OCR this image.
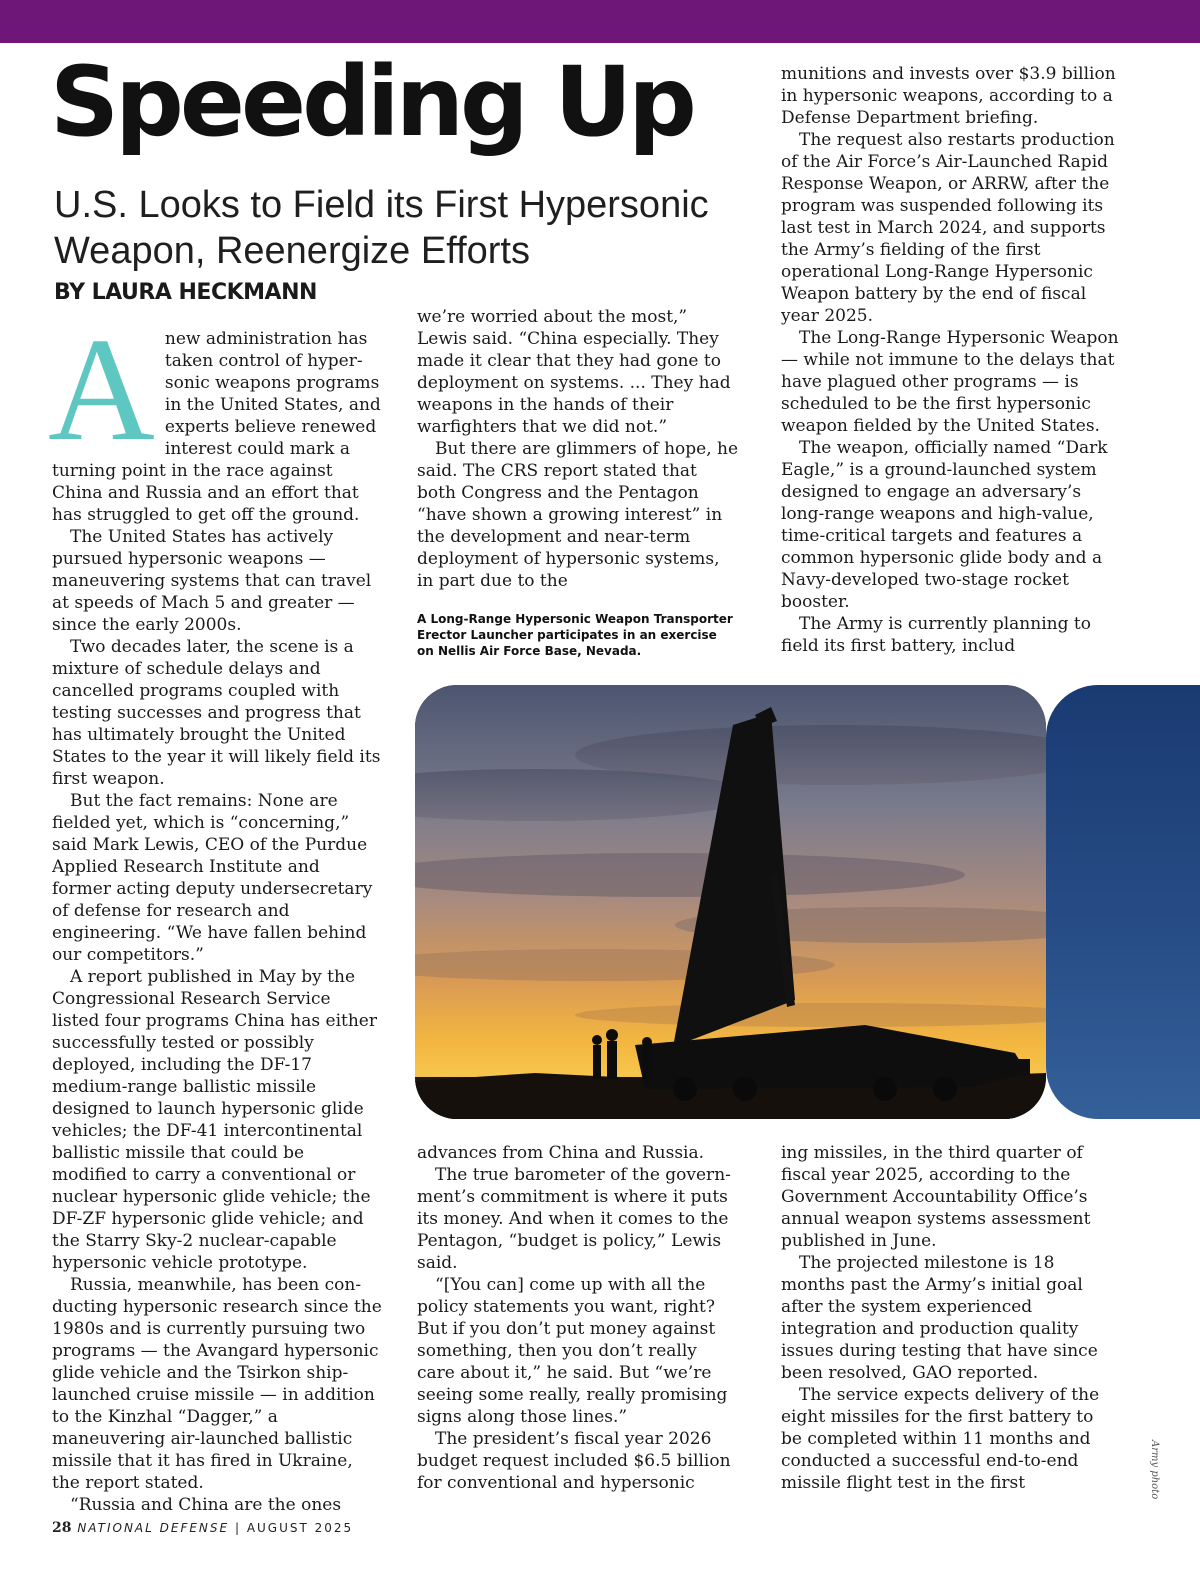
Speeding Up
U.S. Looks to Field its First Hypersonic Weapon, Reenergize Efforts
BY LAURA HECKMANN

Anew administration has taken control of hypersonic weapons programs in the United States, and experts believe renewed interest could mark a turning point in the race against China and Russia and an effort that has struggled to get off the ground.

The United States has actively pursued hypersonic weapons — maneuvering systems that can travel at speeds of Mach 5 and greater — since the early 2000s.

Two decades later, the scene is a mixture of schedule delays and cancelled programs coupled with testing successes and progress that has ultimately brought the United States to the year it will likely field its first weapon.

But the fact remains: None are fielded yet, which is “concerning,” said Mark Lewis, CEO of the Purdue Applied Research Institute and former acting deputy undersecretary of defense for research and engineering. “We have fallen behind our competitors.”

A report published in May by the Congressional Research Service listed four programs China has either successfully tested or possibly deployed, including the DF-17 medium-range ballistic missile designed to launch hypersonic glide vehicles; the DF-41 intercontinental ballistic missile that could be modified to carry a conventional or nuclear hypersonic glide vehicle; the DF-ZF hypersonic glide vehicle; and the Starry Sky-2 nuclear-capable hypersonic vehicle prototype.

Russia, meanwhile, has been conducting hypersonic research since the 1980s and is currently pursuing two programs — the Avangard hypersonic glide vehicle and the Tsirkon ship-launched cruise missile — in addition to the Kinzhal “Dagger,” a maneuvering air-launched ballistic missile that it has fired in Ukraine, the report stated.

“Russia and China are the ones

we’re worried about the most,” Lewis said. “China especially. They made it clear that they had gone to deployment on systems. ... They had weapons in the hands of their warfighters that we did not.”

But there are glimmers of hope, he said. The CRS report stated that both Congress and the Pentagon “have shown a growing interest” in the development and near-term deployment of hypersonic systems, in part due to the

A Long-Range Hypersonic Weapon Transporter Erector Launcher participates in an exercise on Nellis Air Force Base, Nevada.

munitions and invests over $3.9 billion in hypersonic weapons, according to a Defense Department briefing.

The request also restarts production of the Air Force’s Air-Launched Rapid Response Weapon, or ARRW, after the program was suspended following its last test in March 2024, and supports the Army’s fielding of the first operational Long-Range Hypersonic Weapon battery by the end of fiscal year 2025.

The Long-Range Hypersonic Weapon — while not immune to the delays that have plagued other programs — is scheduled to be the first hypersonic weapon fielded by the United States.

The weapon, officially named “Dark Eagle,” is a ground-launched system designed to engage an adversary’s long-range weapons and high-value, time-critical targets and features a common hypersonic glide body and a Navy-developed two-stage rocket booster.

The Army is currently planning to field its first battery, includ

advances from China and Russia.

The true barometer of the government’s commitment is where it puts its money. And when it comes to the Pentagon, “budget is policy,” Lewis said.

“[You can] come up with all the policy statements you want, right? But if you don’t put money against something, then you don’t really care about it,” he said. But “we’re seeing some really, really promising signs along those lines.”

The president’s fiscal year 2026 budget request included $6.5 billion for conventional and hypersonic

ing missiles, in the third quarter of fiscal year 2025, according to the Government Accountability Office’s annual weapon systems assessment published in June.

The projected milestone is 18 months past the Army’s initial goal after the system experienced integration and production quality issues during testing that have since been resolved, GAO reported.

The service expects delivery of the eight missiles for the first battery to be completed within 11 months and conducted a successful end-to-end missile flight test in the first	Army photo
28 NATIONAL DEFENSE | AUGUST 2025
